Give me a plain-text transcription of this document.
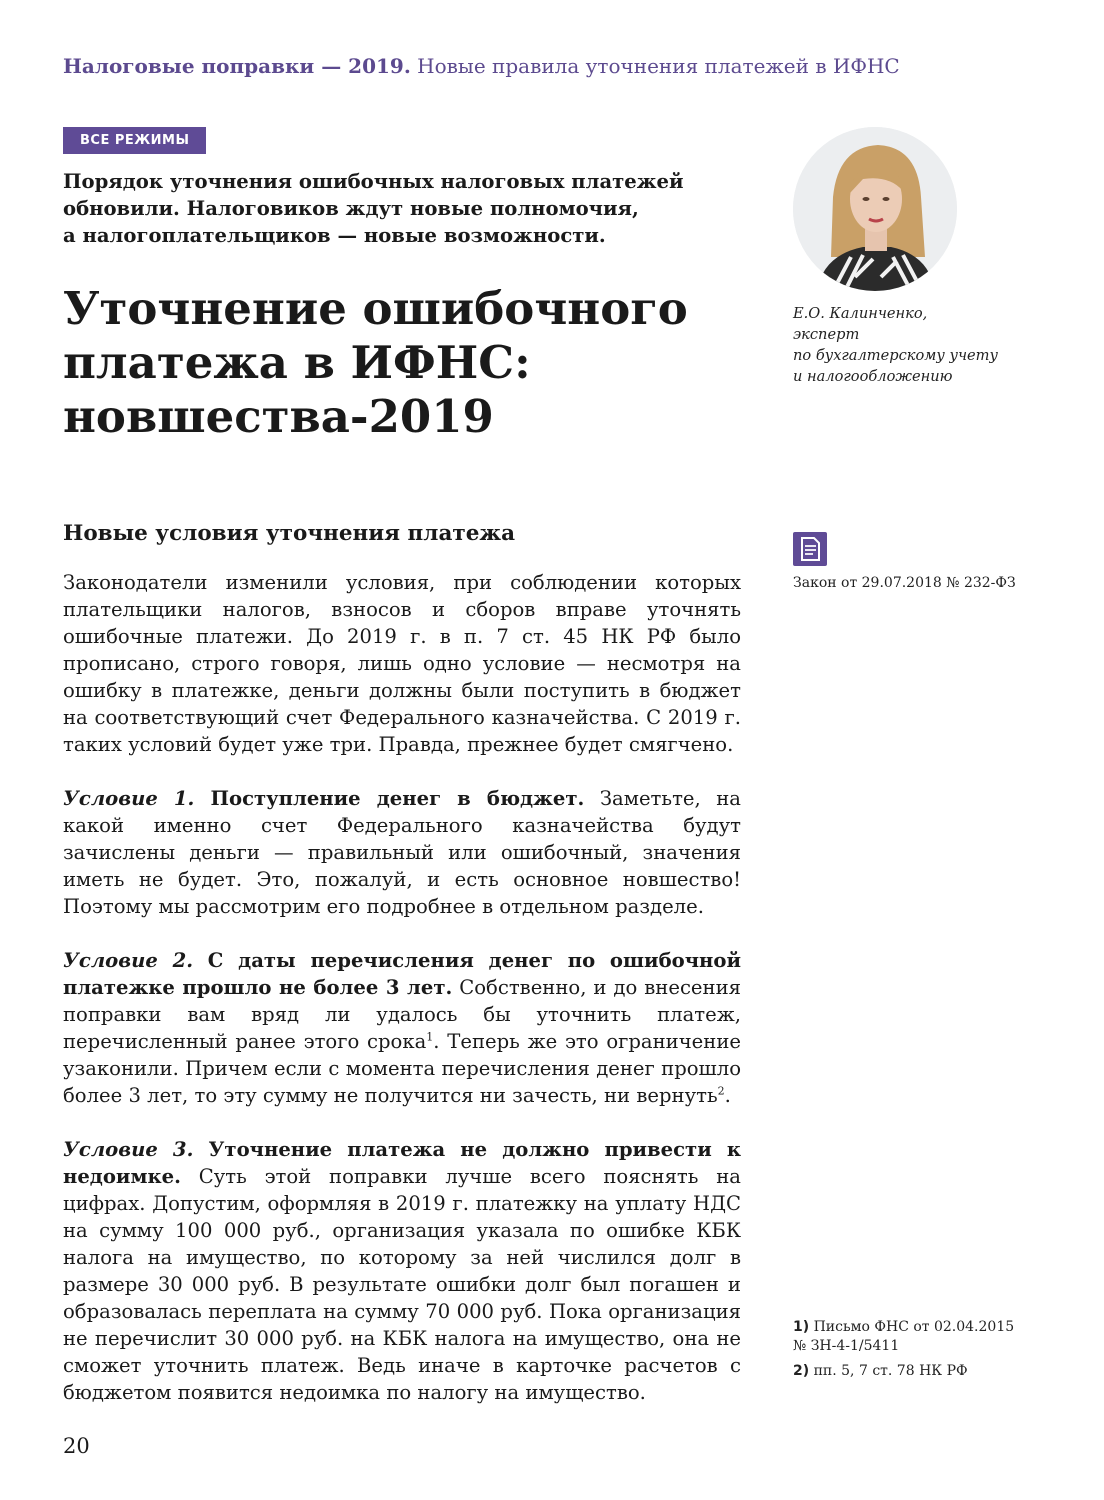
Налоговые поправки — 2019. Новые правила уточнения платежей в ИФНС
ВСЕ РЕЖИМЫ
Порядок уточнения ошибочных налоговых платежей
обновили. Налоговиков ждут новые полномочия,
а налогоплательщиков — новые возможности.
Уточнение ошибочного
платежа в ИФНС:
новшества-2019
Е.О. Калинченко,
эксперт
по бухгалтерскому учету
и налогообложению
Новые условия уточнения платежа

Законодатели изменили условия, при соблюдении которых плательщики налогов, взносов и сборов вправе уточнять ошибочные платежи. До 2019 г. в п. 7 ст. 45 НК РФ было прописано, строго говоря, лишь одно условие — несмотря на ошибку в платежке, деньги должны были поступить в бюджет на соответствующий счет Федерального казначейства. С 2019 г. таких условий будет уже три. Правда, прежнее будет смягчено.

Условие 1. Поступление денег в бюджет. Заметьте, на какой именно счет Федерального казначейства будут зачислены деньги — правильный или ошибочный, значения иметь не будет. Это, пожалуй, и есть основное новшество! Поэтому мы рассмотрим его подробнее в отдельном разделе.

Условие 2. С даты перечисления денег по ошибочной платежке прошло не более 3 лет. Собственно, и до внесения поправки вам вряд ли удалось бы уточнить платеж, перечисленный ранее этого срока$^1$. Теперь же это ограничение узаконили. Причем если с момента перечисления денег прошло более 3 лет, то эту сумму не получится ни зачесть, ни вернуть$^2$.

Условие 3. Уточнение платежа не должно привести к недоимке. Суть этой поправки лучше всего пояснять на цифрах. Допустим, оформляя в 2019 г. платежку на уплату НДС на сумму 100 000 руб., организация указала по ошибке КБК налога на имущество, по которому за ней числился долг в размере 30 000 руб. В результате ошибки долг был погашен и образовалась переплата на сумму 70 000 руб. Пока организация не перечислит 30 000 руб. на КБК налога на имущество, она не сможет уточнить платеж. Ведь иначе в карточке расчетов с бюджетом появится недоимка по налогу на имущество.

Закон от 29.07.2018 № 232-ФЗ
1) Письмо ФНС от 02.04.2015
№ ЗН-4-1/5411
2) пп. 5, 7 ст. 78 НК РФ
20
